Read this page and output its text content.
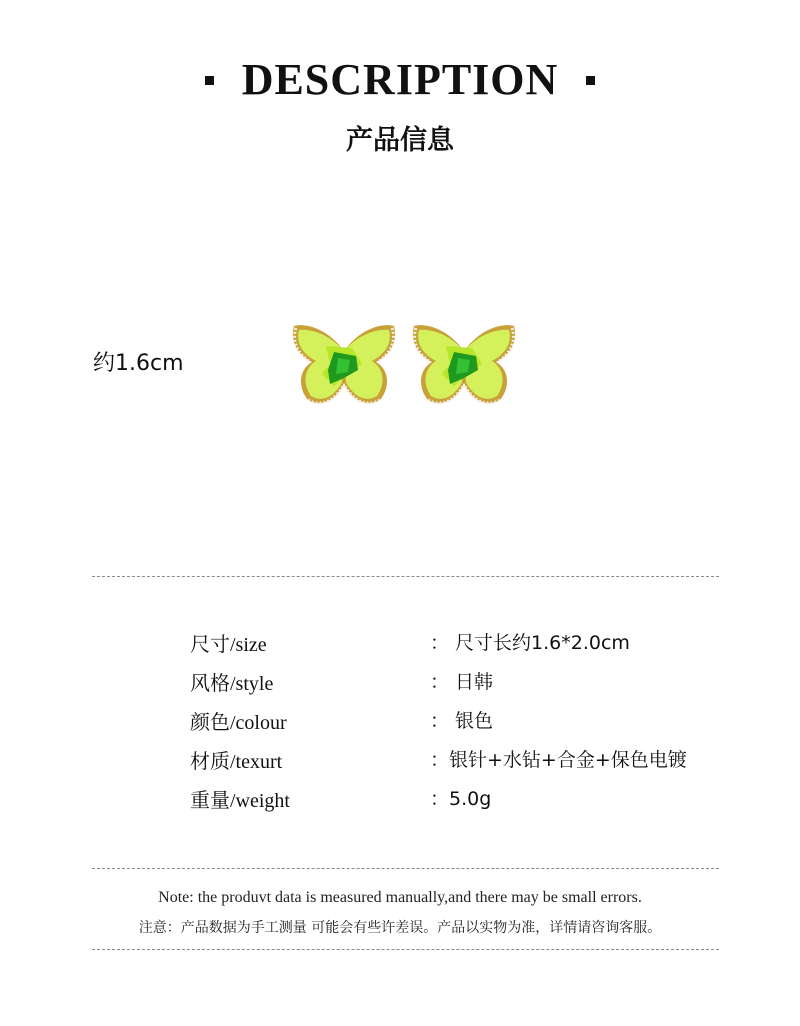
DESCRIPTION
产品信息
约1.6cm
尺寸/size	： 尺寸长约1.6*2.0cm
风格/style	： 日韩
颜色/colour	： 银色
材质/texurt	：银针+水钻+合金+保色电镀
重量/weight	：5.0g
Note: the produvt data is measured manually,and there may be small errors.
注意：产品数据为手工测量 可能会有些许差误。产品以实物为准，详情请咨询客服。
